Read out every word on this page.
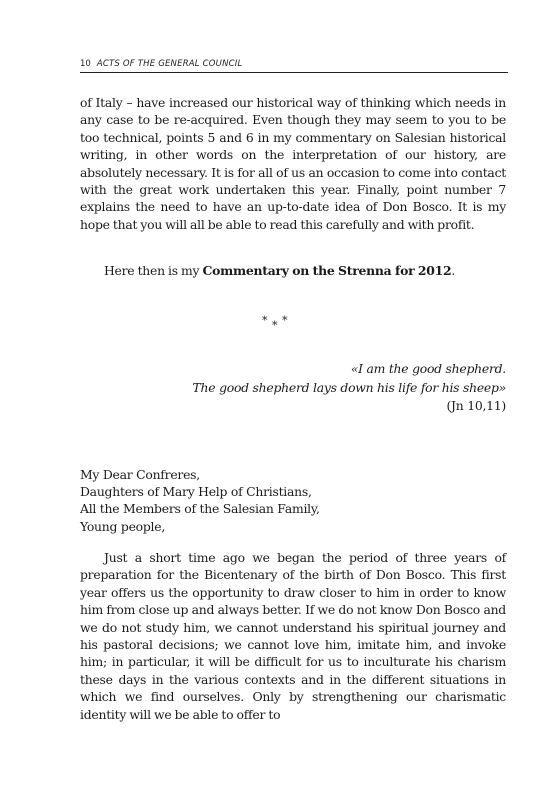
10 ACTS OF THE GENERAL COUNCIL

of Italy – have increased our historical way of thinking which needs in any case to be re-acquired. Even though they may seem to you to be too technical, points 5 and 6 in my commentary on Salesian historical writing, in other words on the interpretation of our history, are absolutely necessary. It is for all of us an occasion to come into contact with the great work undertaken this year. Finally, point number 7 explains the need to have an up-to-date idea of Don Bosco. It is my hope that you will all be able to read this carefully and with profit.

Here then is my Commentary on the Strenna for 2012.

* * *
«I am the good shepherd.
The good shepherd lays down his life for his sheep»
(Jn 10,11)
My Dear Confreres,
Daughters of Mary Help of Christians,
All the Members of the Salesian Family,
Young people,

Just a short time ago we began the period of three years of preparation for the Bicentenary of the birth of Don Bosco. This first year offers us the opportunity to draw closer to him in order to know him from close up and always better. If we do not know Don Bosco and we do not study him, we cannot understand his spiritual journey and his pastoral decisions; we cannot love him, imitate him, and invoke him; in particular, it will be difficult for us to inculturate his charism these days in the various contexts and in the different situations in which we find ourselves. Only by strengthening our charismatic identity will we be able to offer to
